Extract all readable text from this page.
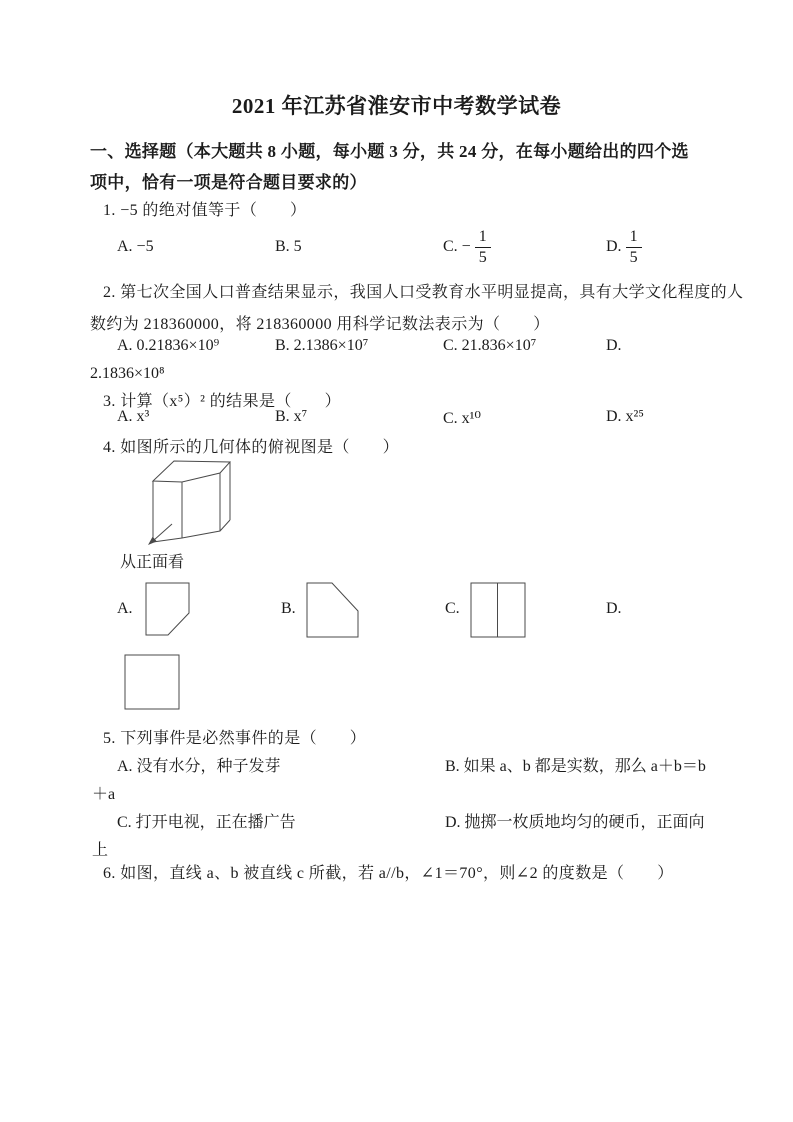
2021 年江苏省淮安市中考数学试卷
一、选择题（本大题共 8 小题，每小题 3 分，共 24 分，在每小题给出的四个选
项中，恰有一项是符合题目要求的）
1. −5 的绝对值等于（　　）
A. −5	B. 5	C. − $\frac{1}{5}$	D. $\frac{1}{5}$
2. 第七次全国人口普查结果显示，我国人口受教育水平明显提高，具有大学文化程度的人
数约为 218360000，将 218360000 用科学记数法表示为（　　）
A. 0.21836×10⁹	B. 2.1386×10⁷	C. 21.836×10⁷	D.
2.1836×10⁸
3. 计算（x⁵）² 的结果是（　　）
A. x³	B. x⁷	C. x¹⁰	D. x²⁵
4. 如图所示的几何体的俯视图是（　　）
从正面看
A.	B.	C.	D.
5. 下列事件是必然事件的是（　　）
A. 没有水分，种子发芽	B. 如果 a、b 都是实数，那么 a＋b＝b
＋a
C. 打开电视，正在播广告	D. 抛掷一枚质地均匀的硬币，正面向
上
6. 如图，直线 a、b 被直线 c 所截，若 a//b，∠1＝70°，则∠2 的度数是（　　）
